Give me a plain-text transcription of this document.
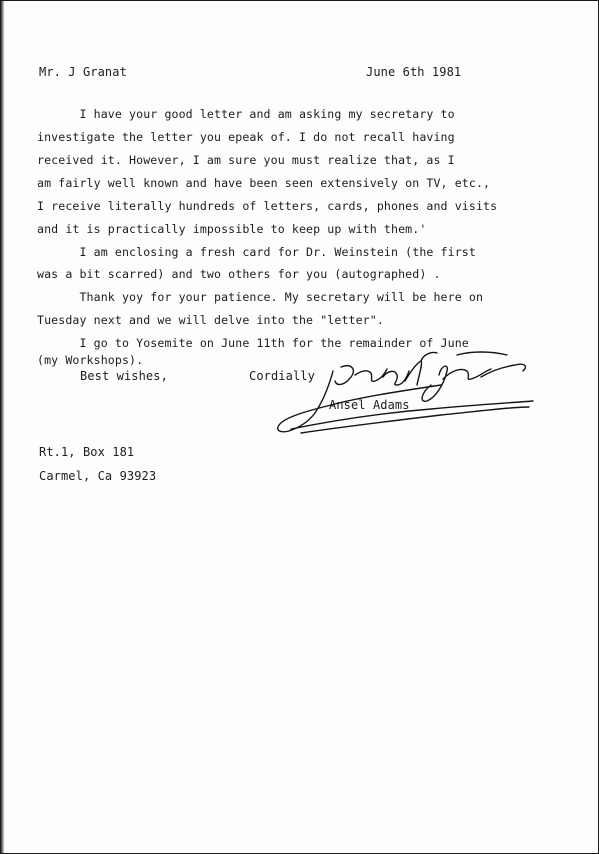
Mr. J Granat	June 6th 1981
I have your good letter and am asking my secretary to
investigate the letter you epeak of. I do not recall having
received it. However, I am sure you must realize that, as I
am fairly well known and have been seen extensively on TV, etc.,
I receive literally hundreds of letters, cards, phones and visits
and it is practically impossible to keep up with them.'
I am enclosing a fresh card for Dr. Weinstein (the first
was a bit scarred) and two others for you (autographed) .
Thank yoy for your patience. My secretary will be here on
Tuesday next and we will delve into the "letter".
I go to Yosemite on June 11th for the remainder of June
(my Workshops).
Best wishes,	Cordially
Ansel Adams
Rt.1, Box 181
Carmel, Ca 93923
